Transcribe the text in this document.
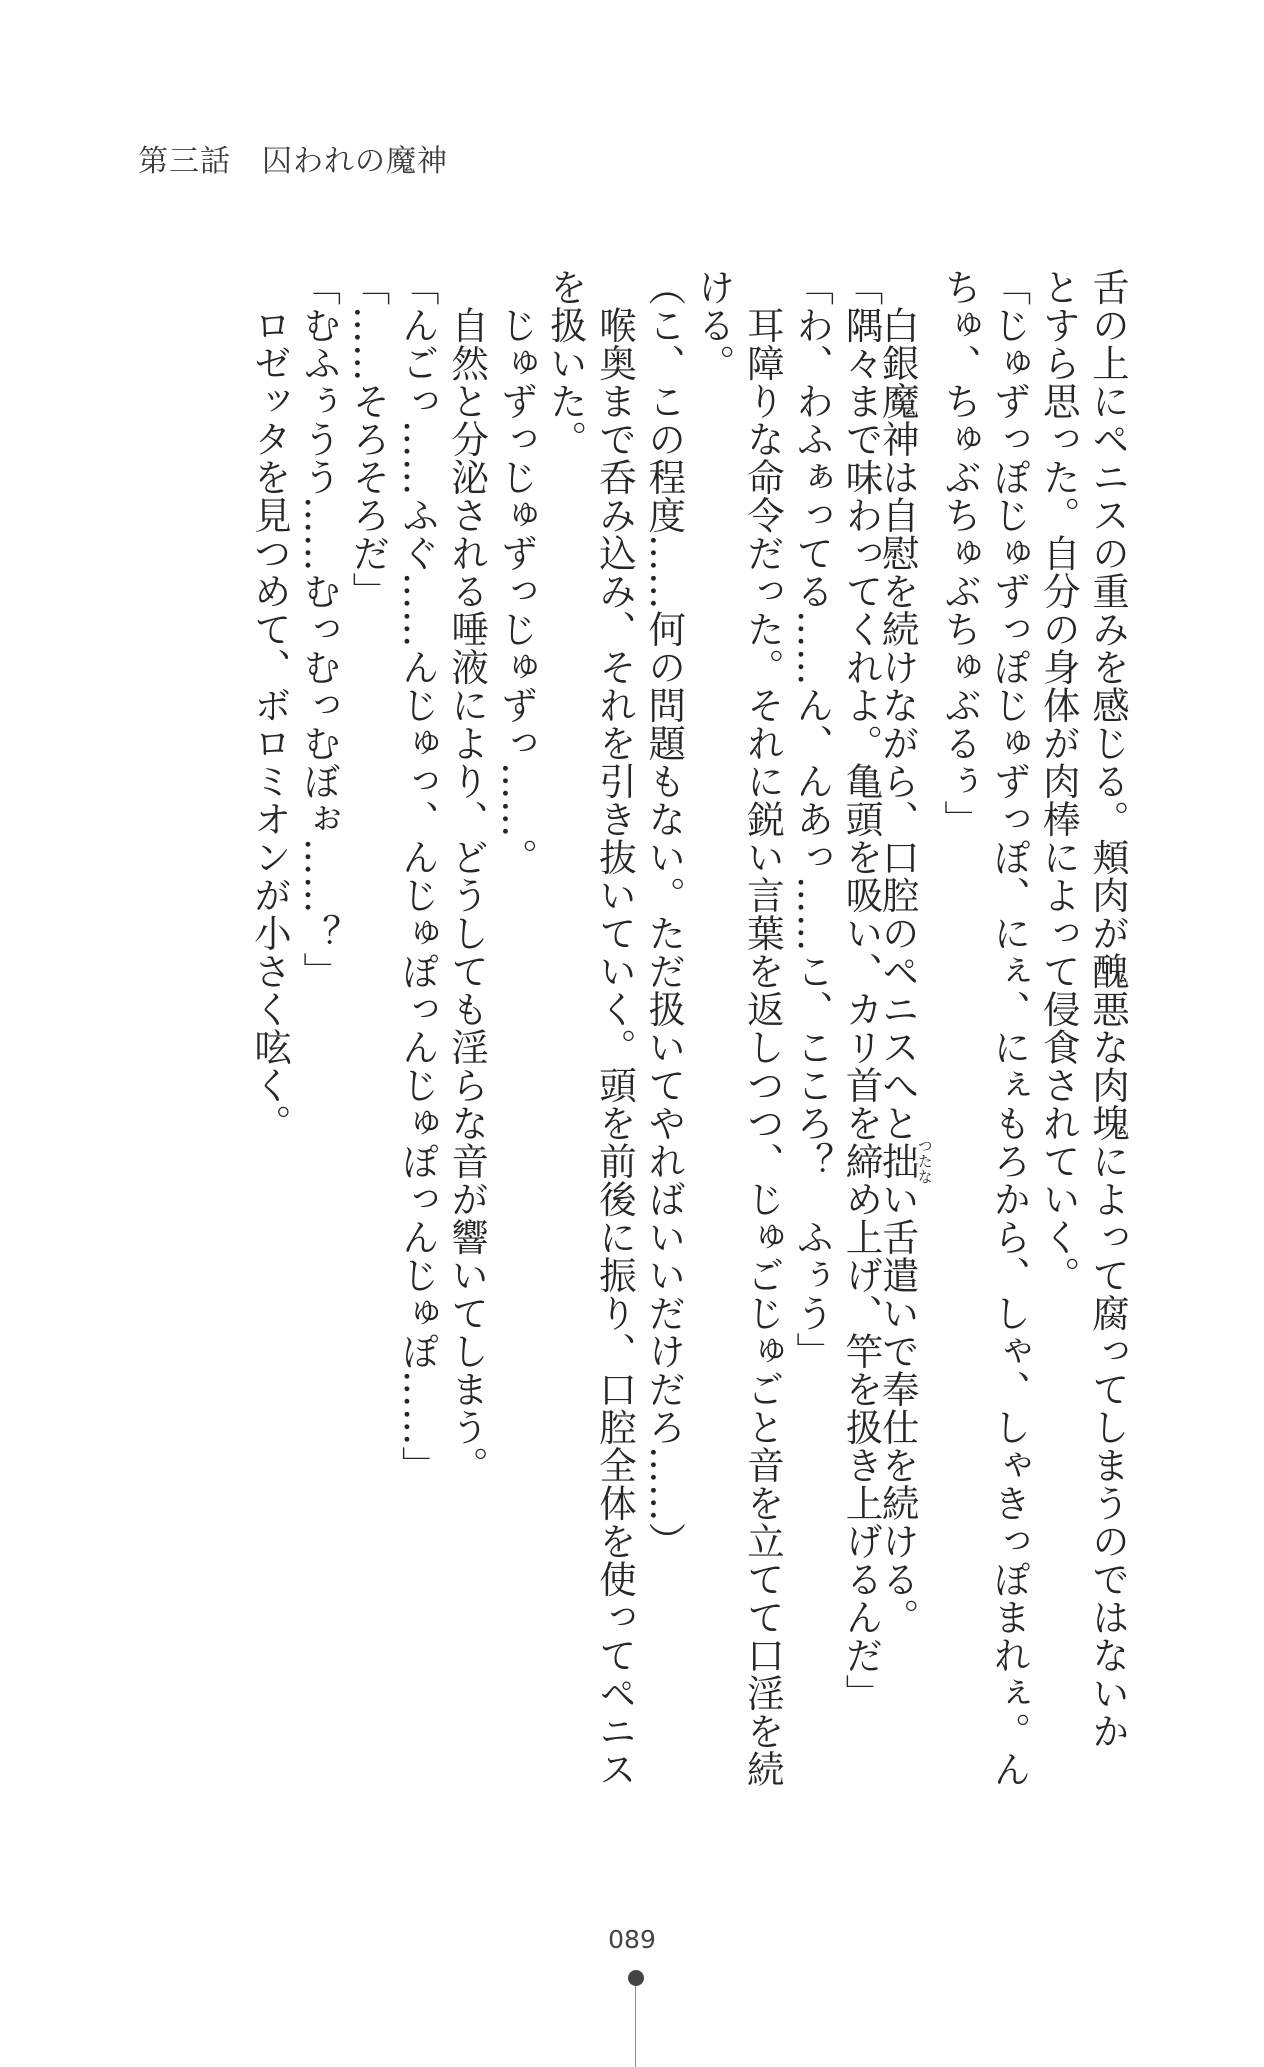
第三話　囚われの魔神
舌の上にペニスの重みを感じる。頬肉が醜悪な肉塊によって腐ってしまうのではないか
とすら思った。自分の身体が肉棒によって侵食されていく。
「じゅずっぽじゅずっぽじゅずっぽ、にぇ、にぇもろから、しゃ、しゃきっぽまれぇ。ん
ちゅ、ちゅぶちゅぶちゅぶるぅ」
　白銀魔神は自慰を続けながら、口腔のペニスへと拙つたない舌遣いで奉仕を続ける。
「隅々まで味わってくれよ。亀頭を吸い、カリ首を締め上げ、竿を扱き上げるんだ」
「わ、わふぁってる……ん、んあっ……こ、こころ？　ふぅう」
　耳障りな命令だった。それに鋭い言葉を返しつつ、じゅごじゅごと音を立てて口淫を続
ける。
（こ、この程度……何の問題もない。ただ扱いてやればいいだけだろ……）
　喉奥まで呑み込み、それを引き抜いていく。頭を前後に振り、口腔全体を使ってペニス
を扱いた。
　じゅずっじゅずっじゅずっ……。
　自然と分泌される唾液により、どうしても淫らな音が響いてしまう。
「んごっ……ふぐ……んじゅっ、んじゅぽっんじゅぽっんじゅぽ……」
「……そろそろだ」
「むふぅうう……むっむっむぼぉ……？」
　ロゼッタを見つめて、ボロミオンが小さく呟く。
089
